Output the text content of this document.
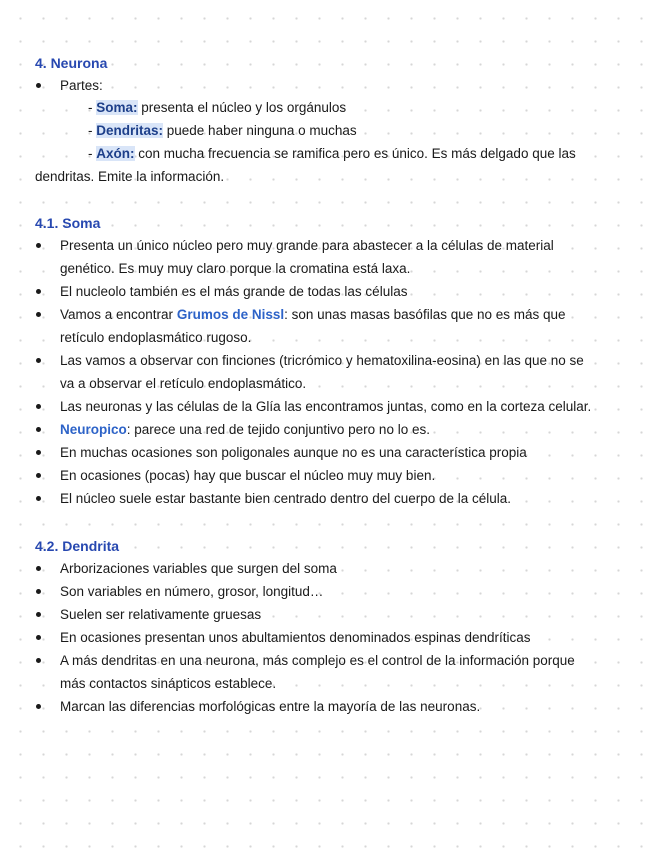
4. Neurona
Partes:
- Soma: presenta el núcleo y los orgánulos
- Dendritas: puede haber ninguna o muchas
- Axón: con mucha frecuencia se ramifica pero es único. Es más delgado que las
dendritas. Emite la información.
4.1. Soma
Presenta un único núcleo pero muy grande para abastecer a la células de material
genético. Es muy muy claro porque la cromatina está laxa.
El nucleolo también es el más grande de todas las células
Vamos a encontrar Grumos de Nissl: son unas masas basófilas que no es más que
retículo endoplasmático rugoso.
Las vamos a observar con finciones (tricrómico y hematoxilina-eosina) en las que no se
va a observar el retículo endoplasmático.
Las neuronas y las células de la Glía las encontramos juntas, como en la corteza celular.
Neuropico: parece una red de tejido conjuntivo pero no lo es.
En muchas ocasiones son poligonales aunque no es una característica propia
En ocasiones (pocas) hay que buscar el núcleo muy muy bien.
El núcleo suele estar bastante bien centrado dentro del cuerpo de la célula.
4.2. Dendrita
Arborizaciones variables que surgen del soma
Son variables en número, grosor, longitud…
Suelen ser relativamente gruesas
En ocasiones presentan unos abultamientos denominados espinas dendríticas
A más dendritas en una neurona, más complejo es el control de la información porque
más contactos sinápticos establece.
Marcan las diferencias morfológicas entre la mayoría de las neuronas.
